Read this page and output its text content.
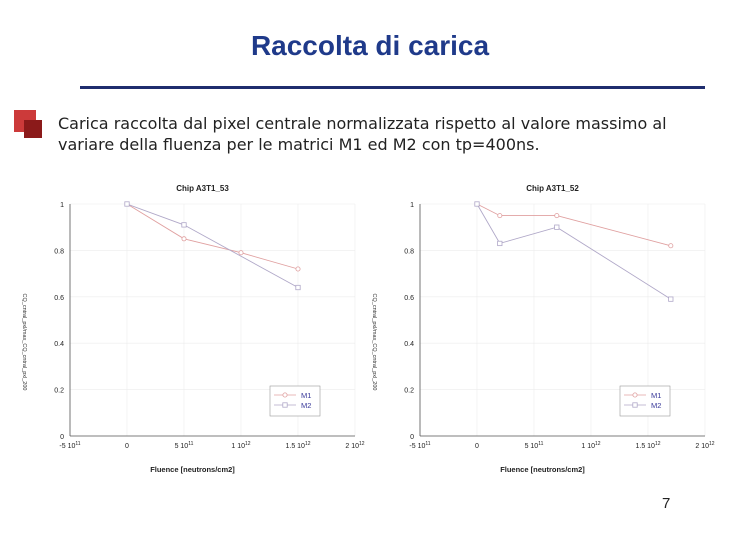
Raccolta di carica
Carica raccolta dal pixel centrale normalizzata rispetto al valore massimo al variare della fluenza per le matrici M1 ed M2 con tp=400ns.
Chip A3T1_53
-5 $10^{11}$	0	5 $10^{11}$	1 $10^{12}$	1.5 $10^{12}$	2 $10^{12}$
0
0.2
0.4
0.6
0.8
1
Fluence [neutrons/cm2]
CQ_cntral_pxl/max_CQ_cntral_pxl_200
M1
M2
Chip A3T1_52
-5 $10^{11}$	0	5 $10^{11}$	1 $10^{12}$	1.5 $10^{12}$	2 $10^{12}$
0
0.2
0.4
0.6
0.8
1
Fluence [neutrons/cm2]
CQ_cntral_pxl/max_CQ_cntral_pxl_200
M1
M2
7
